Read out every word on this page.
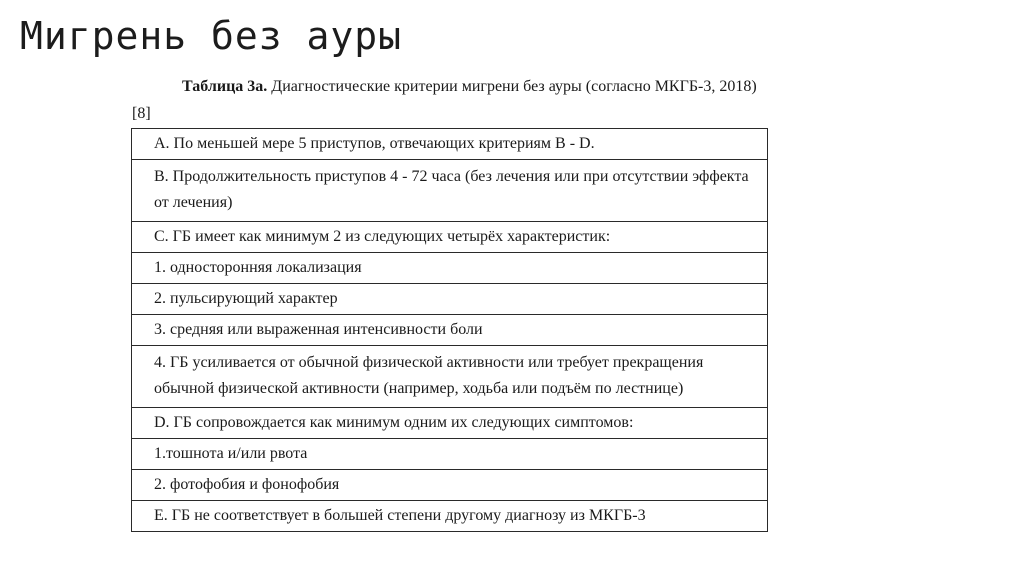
Мигрень без ауры

Таблица 3а. Диагностические критерии мигрени без ауры (согласно МКГБ-3, 2018)

[8]

A. По меньшей мере 5 приступов, отвечающих критериям B - D.
B. Продолжительность приступов 4 - 72 часа (без лечения или при отсутствии эффекта от лечения)
C. ГБ имеет как минимум 2 из следующих четырёх характеристик:
1. односторонняя локализация
2. пульсирующий характер
3. средняя или выраженная интенсивности боли
4. ГБ усиливается от обычной физической активности или требует прекращения обычной физической активности (например, ходьба или подъём по лестнице)
D. ГБ сопровождается как минимум одним их следующих симптомов:
1.тошнота и/или рвота
2. фотофобия и фонофобия
E. ГБ не соответствует в большей степени другому диагнозу из МКГБ-3
